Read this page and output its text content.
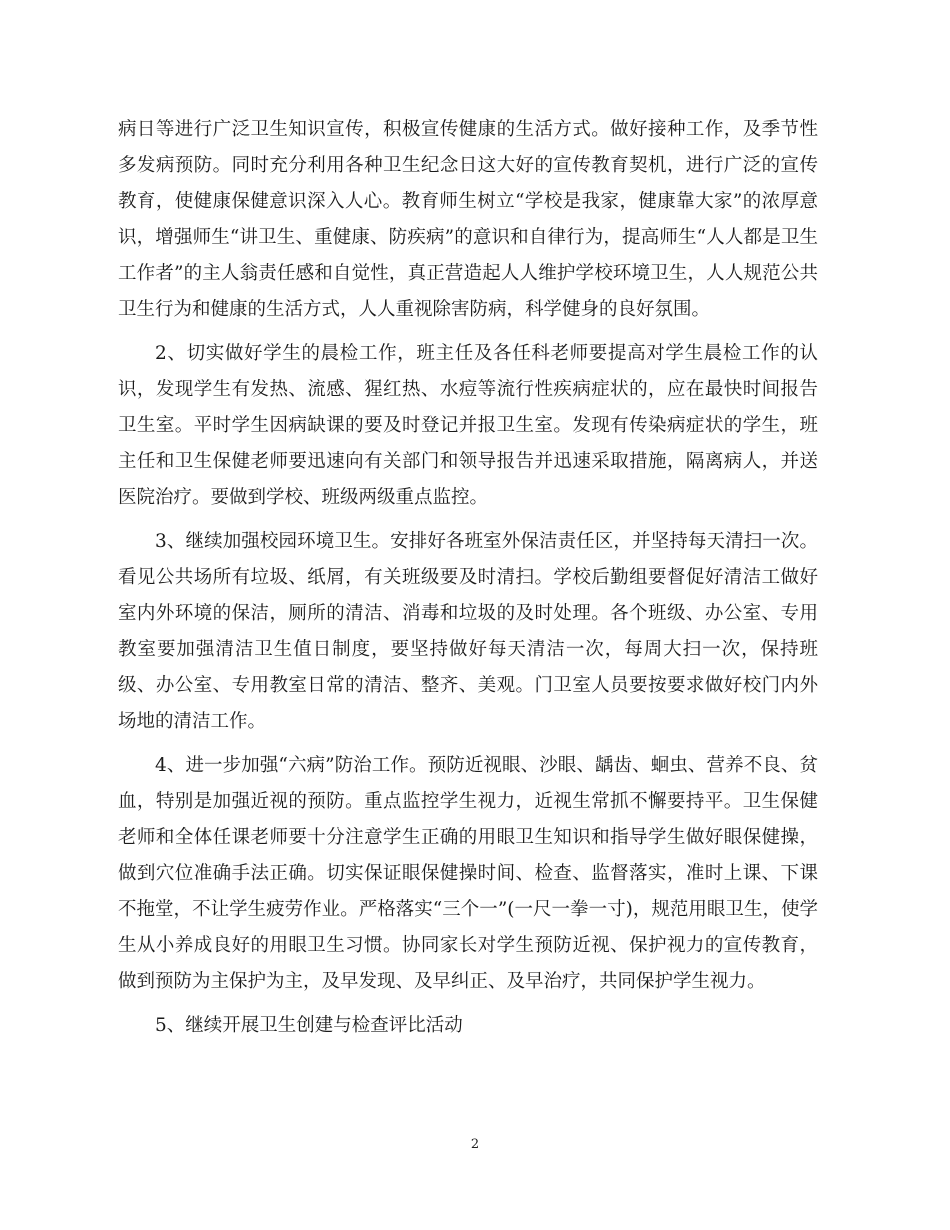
病日等进行广泛卫生知识宣传，积极宣传健康的生活方式。做好接种工作，及季节性多发病预防。同时充分利用各种卫生纪念日这大好的宣传教育契机，进行广泛的宣传教育，使健康保健意识深入人心。教育师生树立“学校是我家，健康靠大家”的浓厚意识，增强师生“讲卫生、重健康、防疾病”的意识和自律行为，提高师生“人人都是卫生工作者”的主人翁责任感和自觉性，真正营造起人人维护学校环境卫生，人人规范公共卫生行为和健康的生活方式，人人重视除害防病，科学健身的良好氛围。

2、切实做好学生的晨检工作，班主任及各任科老师要提高对学生晨检工作的认识，发现学生有发热、流感、猩红热、水痘等流行性疾病症状的，应在最快时间报告卫生室。平时学生因病缺课的要及时登记并报卫生室。发现有传染病症状的学生，班主任和卫生保健老师要迅速向有关部门和领导报告并迅速采取措施，隔离病人，并送医院治疗。要做到学校、班级两级重点监控。

3、继续加强校园环境卫生。安排好各班室外保洁责任区，并坚持每天清扫一次。看见公共场所有垃圾、纸屑，有关班级要及时清扫。学校后勤组要督促好清洁工做好室内外环境的保洁，厕所的清洁、消毒和垃圾的及时处理。各个班级、办公室、专用教室要加强清洁卫生值日制度，要坚持做好每天清洁一次，每周大扫一次，保持班级、办公室、专用教室日常的清洁、整齐、美观。门卫室人员要按要求做好校门内外场地的清洁工作。

4、进一步加强“六病”防治工作。预防近视眼、沙眼、龋齿、蛔虫、营养不良、贫血，特别是加强近视的预防。重点监控学生视力，近视生常抓不懈要持平。卫生保健老师和全体任课老师要十分注意学生正确的用眼卫生知识和指导学生做好眼保健操，做到穴位准确手法正确。切实保证眼保健操时间、检查、监督落实，准时上课、下课不拖堂，不让学生疲劳作业。严格落实“三个一”(一尺一拳一寸)，规范用眼卫生，使学生从小养成良好的用眼卫生习惯。协同家长对学生预防近视、保护视力的宣传教育，做到预防为主保护为主，及早发现、及早纠正、及早治疗，共同保护学生视力。

5、继续开展卫生创建与检查评比活动

2
